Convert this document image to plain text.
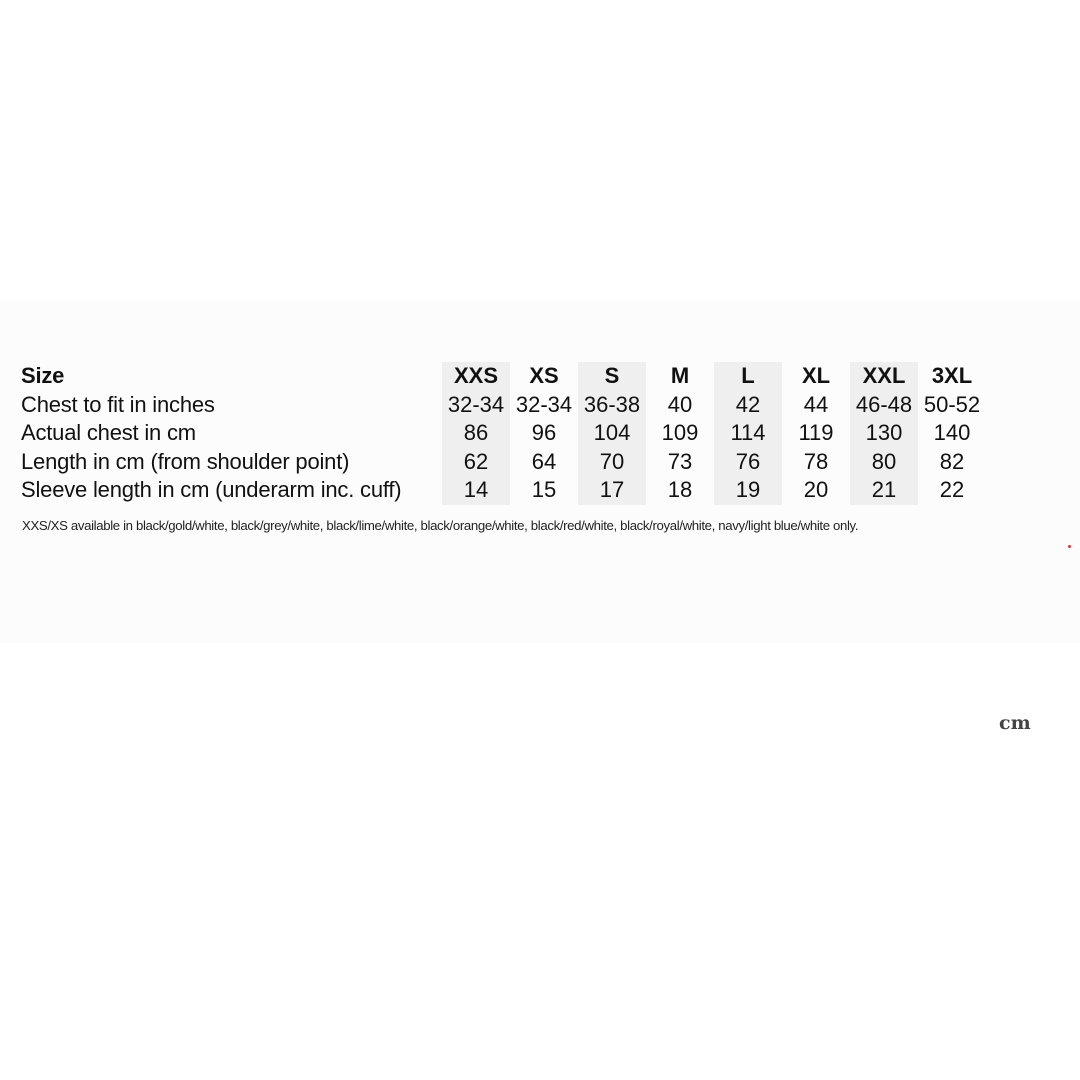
Size	XXS	XS	S	M	L	XL	XXL	3XL
Chest to fit in inches	32-34	32-34	36-38	40	42	44	46-48	50-52
Actual chest in cm	86	96	104	109	114	119	130	140
Length in cm (from shoulder point)	62	64	70	73	76	78	80	82
Sleeve length in cm (underarm inc. cuff)	14	15	17	18	19	20	21	22
XXS/XS available in black/gold/white, black/grey/white, black/lime/white, black/orange/white, black/red/white, black/royal/white, navy/light blue/white only.
cm
